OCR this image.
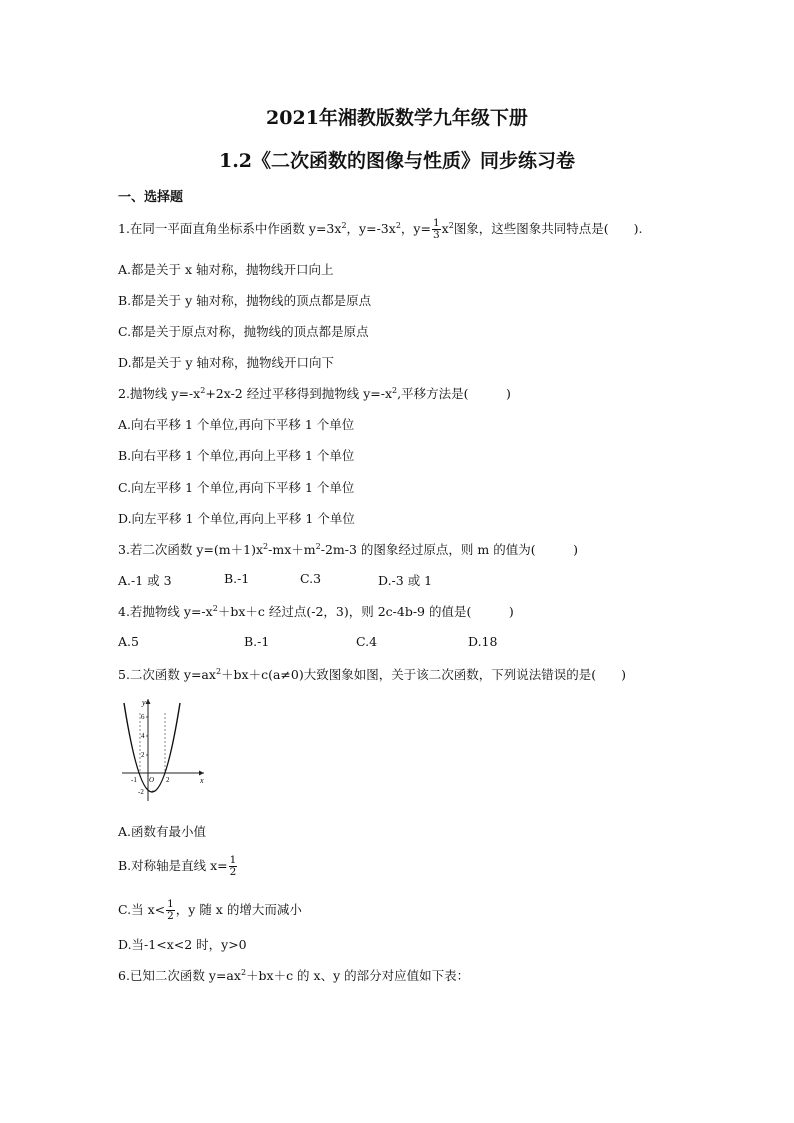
2021年湘教版数学九年级下册
1.2《二次函数的图像与性质》同步练习卷
一、选择题
1.在同一平面直角坐标系中作函数 $y=3x^2$，$y=-3x^2$，$y= \frac{1}{3} x^2$图象，这些图象共同特点是(　　).
A.都是关于 x 轴对称，抛物线开口向上
B.都是关于 y 轴对称，抛物线的顶点都是原点
C.都是关于原点对称，抛物线的顶点都是原点
D.都是关于 y 轴对称，抛物线开口向下
2.抛物线 $y=-x^2+2x-2$ 经过平移得到抛物线 $y=-x^2$,平移方法是(　　　)
A.向右平移 1 个单位,再向下平移 1 个单位
B.向右平移 1 个单位,再向上平移 1 个单位
C.向左平移 1 个单位,再向下平移 1 个单位
D.向左平移 1 个单位,再向上平移 1 个单位
3.若二次函数 $y=(m+1)x^2-mx+m^2-2m-3$ 的图象经过原点，则 m 的值为(　　　)
A.-1 或 3	B.-1	C.3	D.-3 或 1
4.若抛物线 $y=-x^2+bx+c$ 经过点(-2，3)，则 2c-4b-9 的值是(　　　)
A.5	B.-1	C.4	D.18
5.二次函数 $y=ax^2+bx+c(a\ne 0)$大致图象如图，关于该二次函数，下列说法错误的是(　　)
y
x
6
4
2
-2
-1 O 2
A.函数有最小值
B.对称轴是直线 $x= \frac{1}{2}$
C.当 $x< \frac{1}{2}$ ，y 随 x 的增大而减小
D.当-1<x<2 时，y>0
6.已知二次函数 $y=ax^2+bx+c$ 的 x、y 的部分对应值如下表：
